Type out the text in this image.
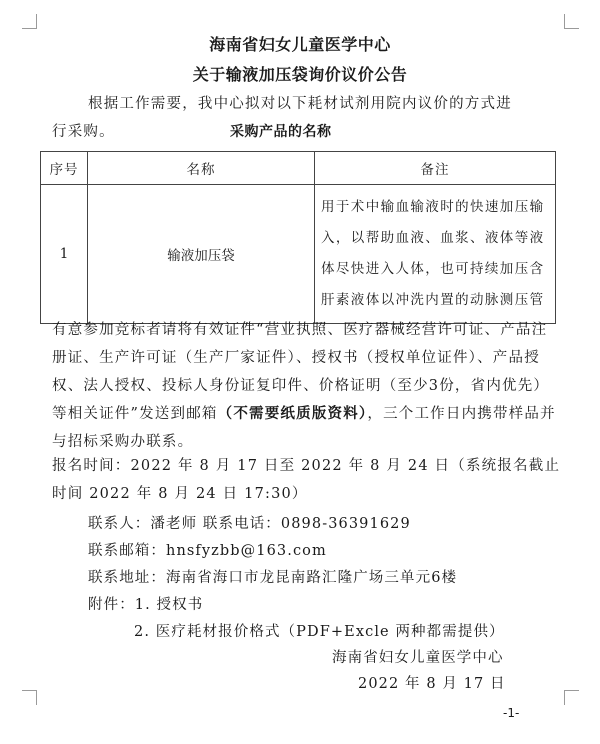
海南省妇女儿童医学中心
关于输液加压袋询价议价公告
根据工作需要，我中心拟对以下耗材试剂用院内议价的方式进
行采购。	采购产品的名称
序号	名称	备注
1	输液加压袋	用于术中输血输液时的快速加压输入，以帮助血液、血浆、液体等液体尽快进入人体，也可持续加压含肝素液体以冲洗内置的动脉测压管
有意参加竞标者请将有效证件“营业执照、医疗器械经营许可证、产品注册证、生产许可证（生产厂家证件）、授权书（授权单位证件）、产品授权、法人授权、投标人身份证复印件、价格证明（至少3份，省内优先）等相关证件”发送到邮箱（不需要纸质版资料），三个工作日内携带样品并与招标采购办联系。
报名时间：2022 年 8 月 17 日至 2022 年 8 月 24 日（系统报名截止时间 2022 年 8 月 24 日 17:30）
联系人：潘老师 联系电话：0898-36391629
联系邮箱：hnsfyzbb@163.com
联系地址：海南省海口市龙昆南路汇隆广场三单元6楼
附件：1. 授权书
2. 医疗耗材报价格式（PDF+Excle 两种都需提供）
海南省妇女儿童医学中心
2022 年 8 月 17 日
-1-
